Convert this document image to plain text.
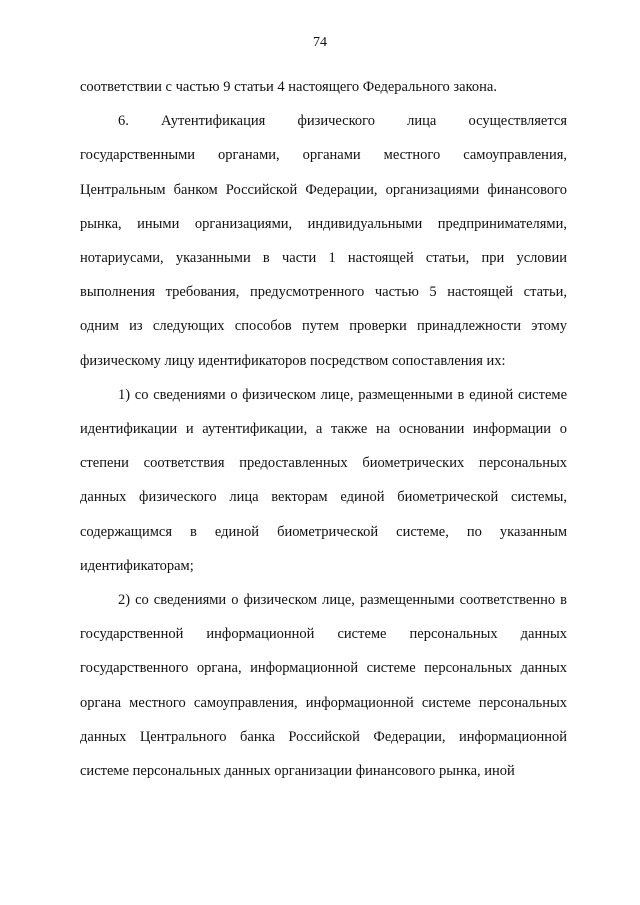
74

соответствии с частью 9 статьи 4 настоящего Федерального закона.

6. Аутентификация физического лица осуществляется государственными органами, органами местного самоуправления, Центральным банком Российской Федерации, организациями финансового рынка, иными организациями, индивидуальными предпринимателями, нотариусами, указанными в части 1 настоящей статьи, при условии выполнения требования, предусмотренного частью 5 настоящей статьи, одним из следующих способов путем проверки принадлежности этому физическому лицу идентификаторов посредством сопоставления их:

1) со сведениями о физическом лице, размещенными в единой системе идентификации и аутентификации, а также на основании информации о степени соответствия предоставленных биометрических персональных данных физического лица векторам единой биометрической системы, содержащимся в единой биометрической системе, по указанным идентификаторам;

2) со сведениями о физическом лице, размещенными соответственно в государственной информационной системе персональных данных государственного органа, информационной системе персональных данных органа местного самоуправления, информационной системе персональных данных Центрального банка Российской Федерации, информационной системе персональных данных организации финансового рынка, иной
